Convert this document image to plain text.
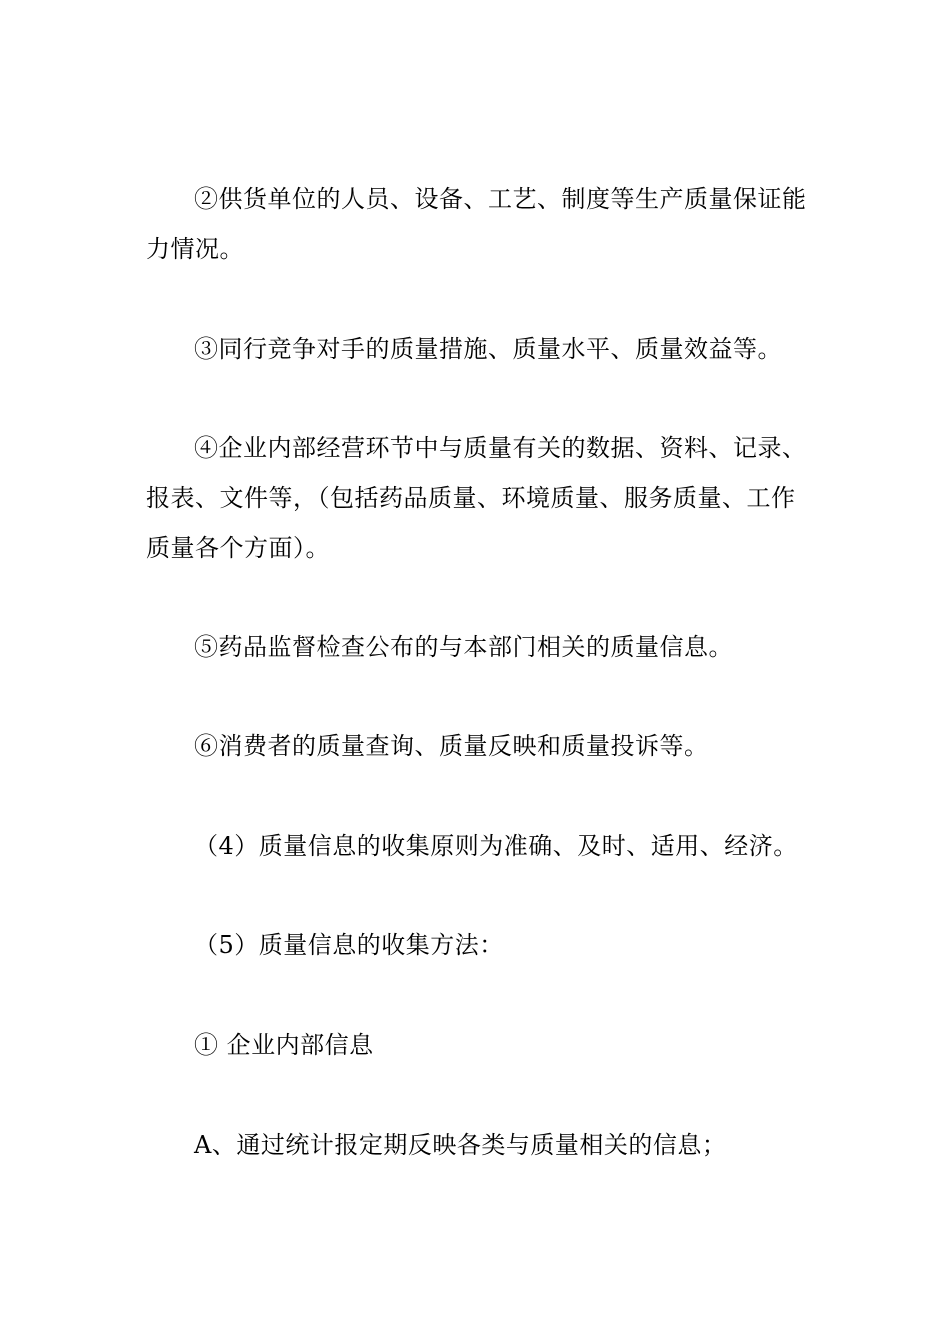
②供货单位的人员、设备、工艺、制度等生产质量保证能力情况。

③同行竞争对手的质量措施、质量水平、质量效益等。

④企业内部经营环节中与质量有关的数据、资料、记录、报表、文件等，（包括药品质量、环境质量、服务质量、工作质量各个方面）。

⑤药品监督检查公布的与本部门相关的质量信息。

⑥消费者的质量查询、质量反映和质量投诉等。

（4）质量信息的收集原则为准确、及时、适用、经济。

（5）质量信息的收集方法：

① 企业内部信息

A、通过统计报定期反映各类与质量相关的信息；
